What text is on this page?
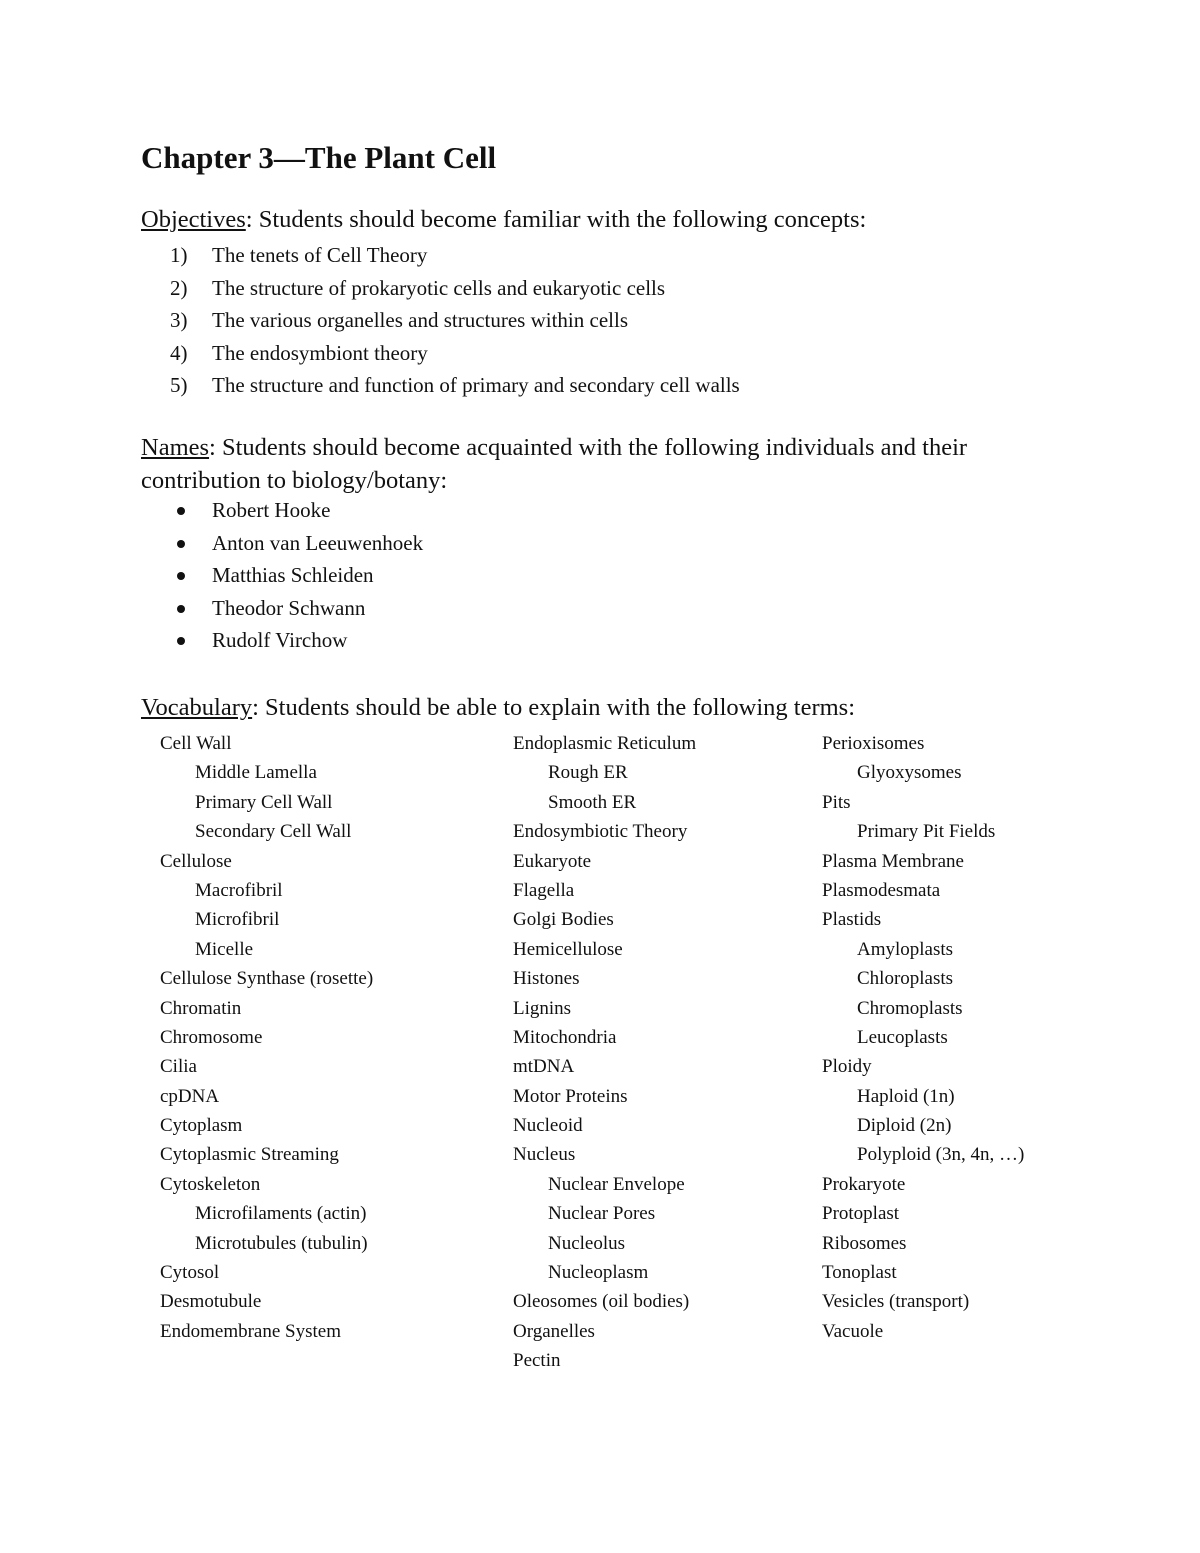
Chapter 3—The Plant Cell

Objectives: Students should become familiar with the following concepts:

1)	The tenets of Cell Theory
2)	The structure of prokaryotic cells and eukaryotic cells
3)	The various organelles and structures within cells
4)	The endosymbiont theory
5)	The structure and function of primary and secondary cell walls

Names: Students should become acquainted with the following individuals and their contribution to biology/botany:

Robert Hooke
Anton van Leeuwenhoek
Matthias Schleiden
Theodor Schwann
Rudolf Virchow

Vocabulary: Students should be able to explain with the following terms:

Cell Wall
Middle Lamella
Primary Cell Wall
Secondary Cell Wall
Cellulose
Macrofibril
Microfibril
Micelle
Cellulose Synthase (rosette)
Chromatin
Chromosome
Cilia
cpDNA
Cytoplasm
Cytoplasmic Streaming
Cytoskeleton
Microfilaments (actin)
Microtubules (tubulin)
Cytosol
Desmotubule
Endomembrane System
Endoplasmic Reticulum
Rough ER
Smooth ER
Endosymbiotic Theory
Eukaryote
Flagella
Golgi Bodies
Hemicellulose
Histones
Lignins
Mitochondria
mtDNA
Motor Proteins
Nucleoid
Nucleus
Nuclear Envelope
Nuclear Pores
Nucleolus
Nucleoplasm
Oleosomes (oil bodies)
Organelles
Pectin
Perioxisomes
Glyoxysomes
Pits
Primary Pit Fields
Plasma Membrane
Plasmodesmata
Plastids
Amyloplasts
Chloroplasts
Chromoplasts
Leucoplasts
Ploidy
Haploid (1n)
Diploid (2n)
Polyploid (3n, 4n, …)
Prokaryote
Protoplast
Ribosomes
Tonoplast
Vesicles (transport)
Vacuole
